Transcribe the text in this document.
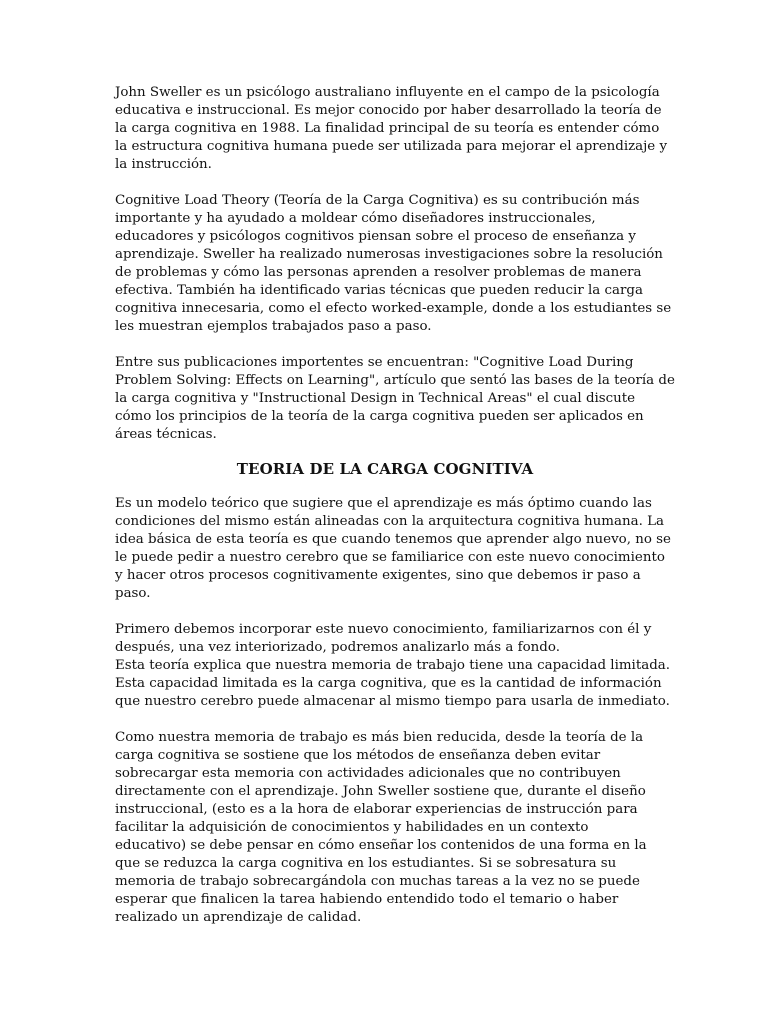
John Sweller es un psicólogo australiano influyente en el campo de la psicología
educativa e instruccional. Es mejor conocido por haber desarrollado la teoría de
la carga cognitiva en 1988. La finalidad principal de su teoría es entender cómo
la estructura cognitiva humana puede ser utilizada para mejorar el aprendizaje y
la instrucción.

Cognitive Load Theory (Teoría de la Carga Cognitiva) es su contribución más
importante y ha ayudado a moldear cómo diseñadores instruccionales,
educadores y psicólogos cognitivos piensan sobre el proceso de enseñanza y
aprendizaje. Sweller ha realizado numerosas investigaciones sobre la resolución
de problemas y cómo las personas aprenden a resolver problemas de manera
efectiva. También ha identificado varias técnicas que pueden reducir la carga
cognitiva innecesaria, como el efecto worked-example, donde a los estudiantes se
les muestran ejemplos trabajados paso a paso.

Entre sus publicaciones importentes se encuentran: "Cognitive Load During
Problem Solving: Effects on Learning", artículo que sentó las bases de la teoría de
la carga cognitiva y "Instructional Design in Technical Areas" el cual discute
cómo los principios de la teoría de la carga cognitiva pueden ser aplicados en
áreas técnicas.

TEORIA DE LA CARGA COGNITIVA

Es un modelo teórico que sugiere que el aprendizaje es más óptimo cuando las
condiciones del mismo están alineadas con la arquitectura cognitiva humana. La
idea básica de esta teoría es que cuando tenemos que aprender algo nuevo, no se
le puede pedir a nuestro cerebro que se familiarice con este nuevo conocimiento
y hacer otros procesos cognitivamente exigentes, sino que debemos ir paso a
paso.

Primero debemos incorporar este nuevo conocimiento, familiarizarnos con él y
después, una vez interiorizado, podremos analizarlo más a fondo.
Esta teoría explica que nuestra memoria de trabajo tiene una capacidad limitada.
Esta capacidad limitada es la carga cognitiva, que es la cantidad de información
que nuestro cerebro puede almacenar al mismo tiempo para usarla de inmediato.

Como nuestra memoria de trabajo es más bien reducida, desde la teoría de la
carga cognitiva se sostiene que los métodos de enseñanza deben evitar
sobrecargar esta memoria con actividades adicionales que no contribuyen
directamente con el aprendizaje. John Sweller sostiene que, durante el diseño
instruccional, (esto es a la hora de elaborar experiencias de instrucción para
facilitar la adquisición de conocimientos y habilidades en un contexto
educativo) se debe pensar en cómo enseñar los contenidos de una forma en la
que se reduzca la carga cognitiva en los estudiantes. Si se sobresatura su
memoria de trabajo sobrecargándola con muchas tareas a la vez no se puede
esperar que finalicen la tarea habiendo entendido todo el temario o haber
realizado un aprendizaje de calidad.
